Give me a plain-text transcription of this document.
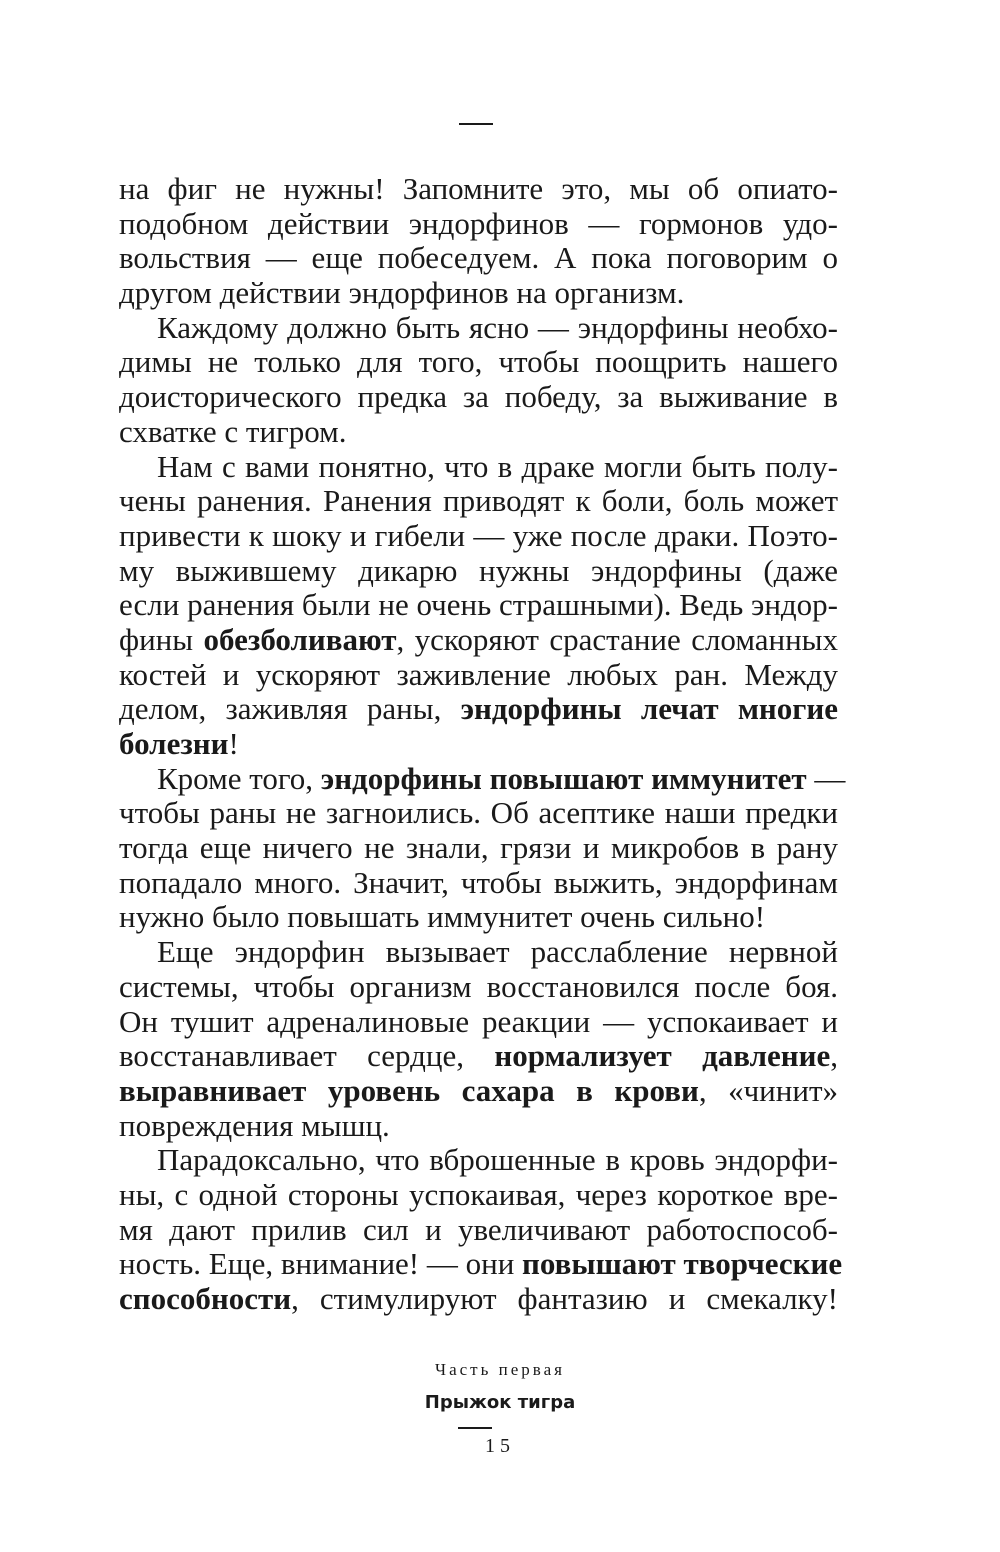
на фиг не нужны! Запомните это, мы об опиато-
подобном действии эндорфинов — гормонов удо-
вольствия — еще побеседуем. А пока поговорим о
другом действии эндорфинов на организм.
Каждому должно быть ясно — эндорфины необхо-
димы не только для того, чтобы поощрить нашего
доисторического предка за победу, за выживание в
схватке с тигром.
Нам с вами понятно, что в драке могли быть полу-
чены ранения. Ранения приводят к боли, боль может
привести к шоку и гибели — уже после драки. Поэто-
му выжившему дикарю нужны эндорфины (даже
если ранения были не очень страшными). Ведь эндор-
фины обезболивают, ускоряют срастание сломанных
костей и ускоряют заживление любых ран. Между
делом, заживляя раны, эндорфины лечат многие
болезни!
Кроме того, эндорфины повышают иммунитет —
чтобы раны не загноились. Об асептике наши предки
тогда еще ничего не знали, грязи и микробов в рану
попадало много. Значит, чтобы выжить, эндорфинам
нужно было повышать иммунитет очень сильно!
Еще эндорфин вызывает расслабление нервной
системы, чтобы организм восстановился после боя.
Он тушит адреналиновые реакции — успокаивает и
восстанавливает сердце, нормализует давление,
выравнивает уровень сахара в крови, «чинит»
повреждения мышц.
Парадоксально, что вброшенные в кровь эндорфи-
ны, с одной стороны успокаивая, через короткое вре-
мя дают прилив сил и увеличивают работоспособ-
ность. Еще, внимание! — они повышают творческие
способности, стимулируют фантазию и смекалку!
Часть первая
Прыжок тигра
15
